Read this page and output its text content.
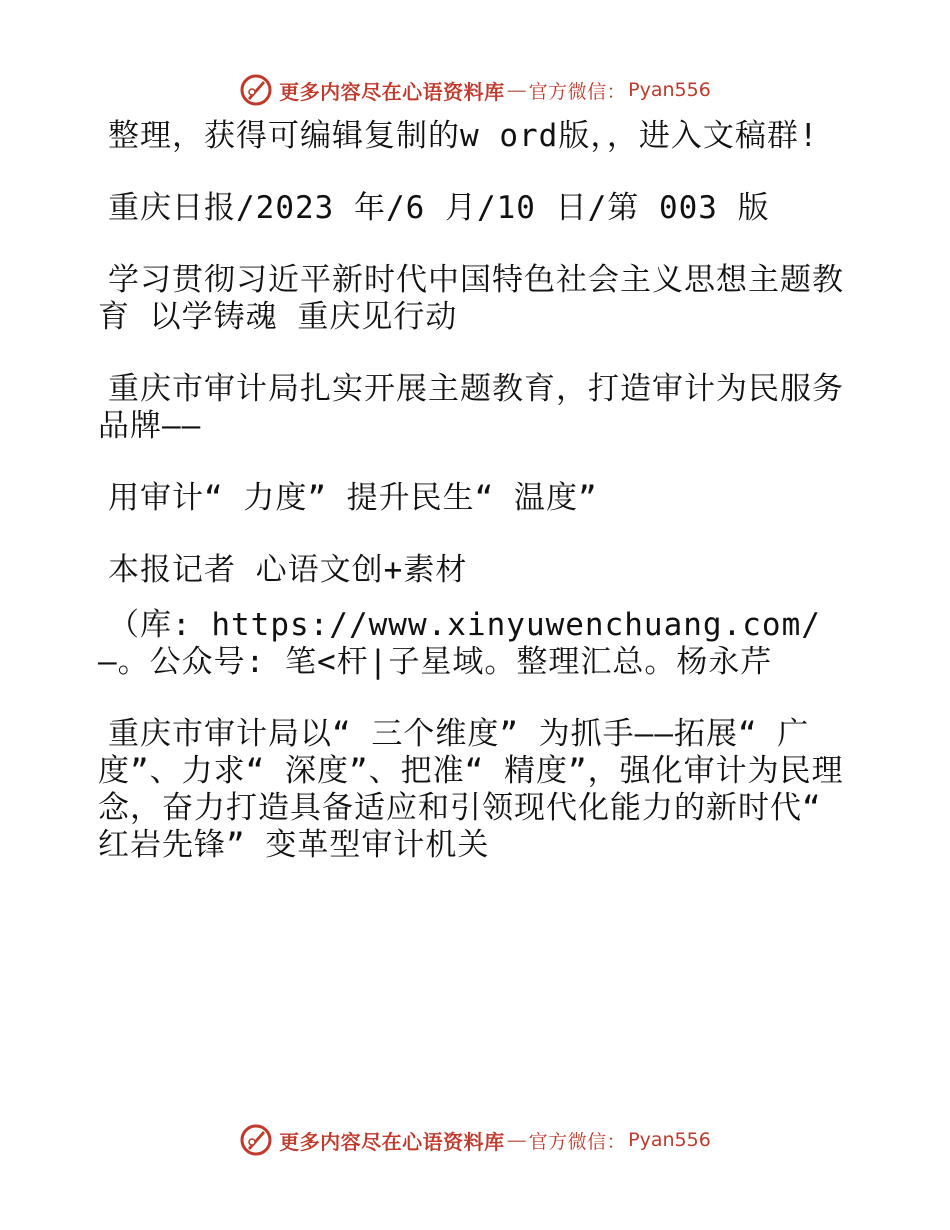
更多内容尽在心语资料库 — 官方微信： Pyan556

整理，获得可编辑复制的w ord版，，进入文稿群!

重庆日报/2023 年/6 月/10 日/第 003 版

学习贯彻习近平新时代中国特色社会主义思想主题教育 以学铸魂 重庆见行动

重庆市审计局扎实开展主题教育，打造审计为民服务品牌——

用审计“ 力度” 提升民生“ 温度”

本报记者 心语文创+素材

（库: https://www.xinyuwenchuang.com/—。公众号: 笔<杆|子星域。整理汇总。杨永芹

重庆市审计局以“ 三个维度” 为抓手——拓展“ 广度”、力求“ 深度”、把准“ 精度”，强化审计为民理念，奋力打造具备适应和引领现代化能力的新时代“ 红岩先锋” 变革型审计机关

更多内容尽在心语资料库 — 官方微信： Pyan556
